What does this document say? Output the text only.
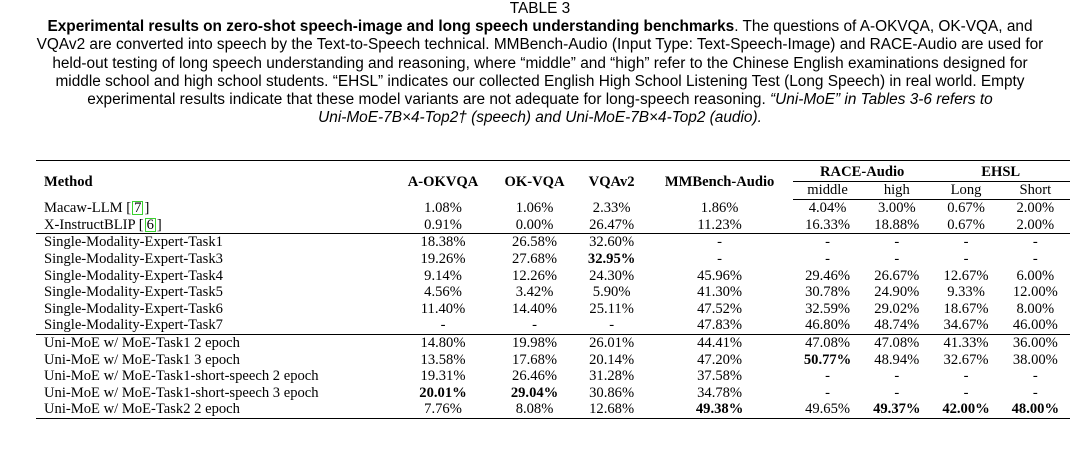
TABLE 3
Experimental results on zero-shot speech-image and long speech understanding benchmarks. The questions of A-OKVQA, OK-VQA, and
VQAv2 are converted into speech by the Text-to-Speech technical. MMBench-Audio (Input Type: Text-Speech-Image) and RACE-Audio are used for
held-out testing of long speech understanding and reasoning, where “middle” and “high” refer to the Chinese English examinations designed for
middle school and high school students. “EHSL” indicates our collected English High School Listening Test (Long Speech) in real world. Empty
experimental results indicate that these model variants are not adequate for long-speech reasoning. “Uni-MoE” in Tables 3-6 refers to
Uni-MoE-7B×4-Top2† (speech) and Uni-MoE-7B×4-Top2 (audio).
Method	A-OKVQA	OK-VQA	VQAv2	MMBench-Audio	RACE-Audio		EHSL	
					middle	high	Long	Short
Macaw-LLM [ 7 ]	1.08%	1.06%	2.33%	1.86%	4.04%	3.00%	0.67%	2.00%
X-InstructBLIP [ 6 ]	0.91%	0.00%	26.47%	11.23%	16.33%	18.88%	0.67%	2.00%
Single-Modality-Expert-Task1	18.38%	26.58%	32.60%	-	-	-	-	-
Single-Modality-Expert-Task3	19.26%	27.68%	32.95%	-	-	-	-	-
Single-Modality-Expert-Task4	9.14%	12.26%	24.30%	45.96%	29.46%	26.67%	12.67%	6.00%
Single-Modality-Expert-Task5	4.56%	3.42%	5.90%	41.30%	30.78%	24.90%	9.33%	12.00%
Single-Modality-Expert-Task6	11.40%	14.40%	25.11%	47.52%	32.59%	29.02%	18.67%	8.00%
Single-Modality-Expert-Task7	-	-	-	47.83%	46.80%	48.74%	34.67%	46.00%
Uni-MoE w/ MoE-Task1 2 epoch	14.80%	19.98%	26.01%	44.41%	47.08%	47.08%	41.33%	36.00%
Uni-MoE w/ MoE-Task1 3 epoch	13.58%	17.68%	20.14%	47.20%	50.77%	48.94%	32.67%	38.00%
Uni-MoE w/ MoE-Task1-short-speech 2 epoch	19.31%	26.46%	31.28%	37.58%	-	-	-	-
Uni-MoE w/ MoE-Task1-short-speech 3 epoch	20.01%	29.04%	30.86%	34.78%	-	-	-	-
Uni-MoE w/ MoE-Task2 2 epoch	7.76%	8.08%	12.68%	49.38%	49.65%	49.37%	42.00%	48.00%
